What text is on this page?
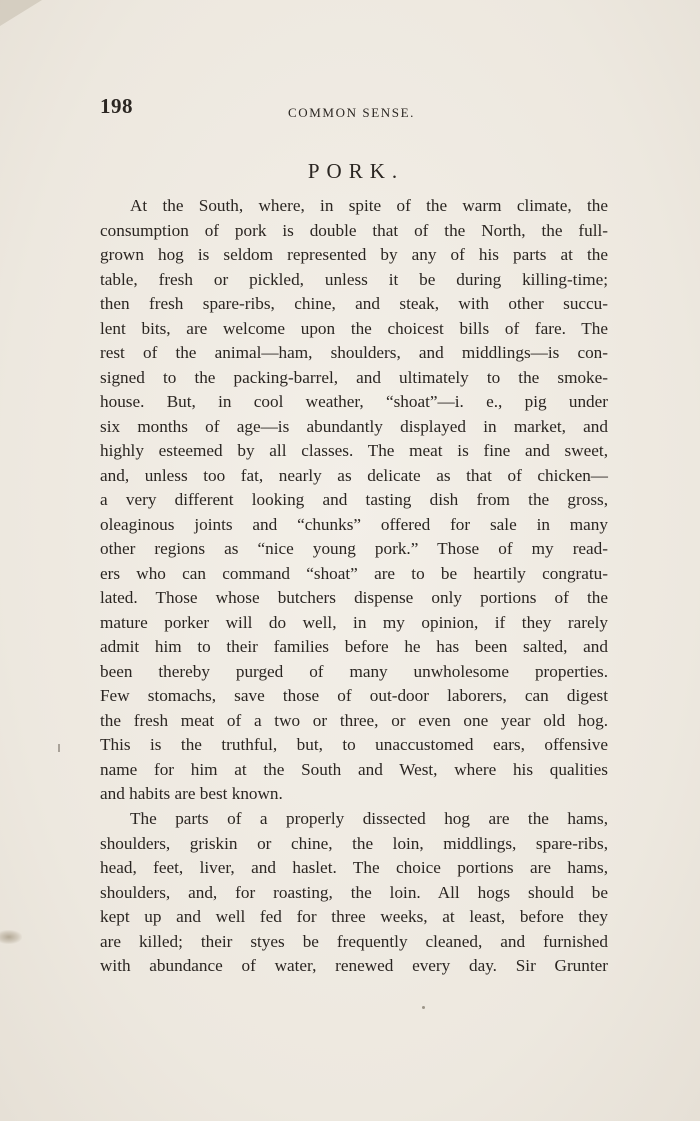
198	COMMON SENSE.
PORK.
At the South, where, in spite of the warm climate, the
consumption of pork is double that of the North, the full-
grown hog is seldom represented by any of his parts at the
table, fresh or pickled, unless it be during killing-time;
then fresh spare-ribs, chine, and steak, with other succu-
lent bits, are welcome upon the choicest bills of fare. The
rest of the animal—ham, shoulders, and middlings—is con-
signed to the packing-barrel, and ultimately to the smoke-
house. But, in cool weather, “shoat”—i. e., pig under
six months of age—is abundantly displayed in market, and
highly esteemed by all classes. The meat is fine and sweet,
and, unless too fat, nearly as delicate as that of chicken—
a very different looking and tasting dish from the gross,
oleaginous joints and “chunks” offered for sale in many
other regions as “nice young pork.” Those of my read-
ers who can command “shoat” are to be heartily congratu-
lated. Those whose butchers dispense only portions of the
mature porker will do well, in my opinion, if they rarely
admit him to their families before he has been salted, and
been thereby purged of many unwholesome properties.
Few stomachs, save those of out-door laborers, can digest
the fresh meat of a two or three, or even one year old hog.
This is the truthful, but, to unaccustomed ears, offensive
name for him at the South and West, where his qualities
and habits are best known.
The parts of a properly dissected hog are the hams,
shoulders, griskin or chine, the loin, middlings, spare-ribs,
head, feet, liver, and haslet. The choice portions are hams,
shoulders, and, for roasting, the loin. All hogs should be
kept up and well fed for three weeks, at least, before they
are killed; their styes be frequently cleaned, and furnished
with abundance of water, renewed every day. Sir Grunter
